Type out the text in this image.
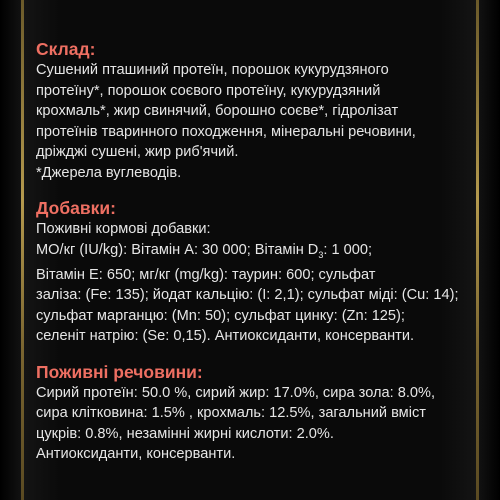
Склад:

Сушений пташиний протеїн, порошок кукурудзяного

протеїну*, порошок соєвого протеїну, кукурудзяний

крохмаль*, жир свинячий, борошно соєве*, гідролізат

протеїнів тваринного походження, мінеральні речовини,

дріжджі сушені, жир риб'ячий.

*Джерела вуглеводів.

Добавки:

Поживні кормові добавки:

МО/кг (IU/kg): Вітамін А: 30 000; Вітамін $D_3$: 1 000;

Вітамін Е: 650; мг/кг (mg/kg): таурин: 600; сульфат

заліза: (Fe: 135); йодат кальцію: (I: 2,1); сульфат міді: (Cu: 14);

сульфат марганцю: (Mn: 50); сульфат цинку: (Zn: 125);

селеніт натрію: (Se: 0,15). Антиоксиданти, консерванти.

Поживні речовини:

Сирий протеїн: 50.0 %, сирий жир: 17.0%, сира зола: 8.0%,

сира клітковина: 1.5% , крохмаль: 12.5%, загальний вміст

цукрів: 0.8%, незамінні жирні кислоти: 2.0%.

Антиоксиданти, консерванти.
